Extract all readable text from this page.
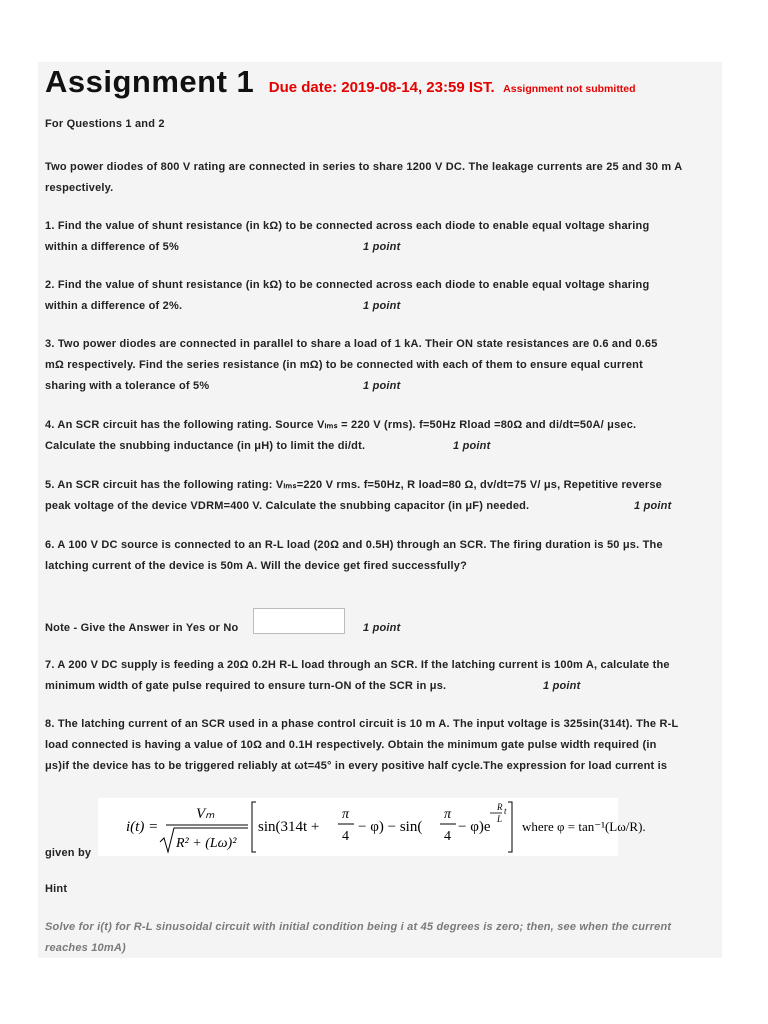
Assignment 1 Due date: 2019-08-14, 23:59 IST. Assignment not submitted
For Questions 1 and 2
Two power diodes of 800 V rating are connected in series to share 1200 V DC. The leakage currents are 25 and 30 m A respectively.
1. Find the value of shunt resistance (in kΩ) to be connected across each diode to enable equal voltage sharing
within a difference of 5%	1 point
2. Find the value of shunt resistance (in kΩ) to be connected across each diode to enable equal voltage sharing
within a difference of 2%.	1 point
3. Two power diodes are connected in parallel to share a load of 1 kA. Their ON state resistances are 0.6 and 0.65
mΩ respectively. Find the series resistance (in mΩ) to be connected with each of them to ensure equal current
sharing with a tolerance of 5%	1 point
4. An SCR circuit has the following rating. Source Vₗₘₛ = 220 V (rms). f=50Hz Rload =80Ω and di/dt=50A/ μsec.
Calculate the snubbing inductance (in μH) to limit the di/dt.	1 point
5. An SCR circuit has the following rating: Vₗₘₛ=220 V rms. f=50Hz, R load=80 Ω, dv/dt=75 V/ μs, Repetitive reverse
peak voltage of the device VDRM=400 V. Calculate the snubbing capacitor (in μF) needed.	1 point
6. A 100 V DC source is connected to an R-L load (20Ω and 0.5H) through an SCR. The firing duration is 50 μs. The
latching current of the device is 50m A. Will the device get fired successfully?
Note - Give the Answer in Yes or No	1 point
7. A 200 V DC supply is feeding a 20Ω 0.2H R-L load through an SCR. If the latching current is 100m A, calculate the
minimum width of gate pulse required to ensure turn-ON of the SCR in μs.	1 point
8. The latching current of an SCR used in a phase control circuit is 10 m A. The input voltage is 325sin(314t). The R-L
load connected is having a value of 10Ω and 0.1H respectively. Obtain the minimum gate pulse width required (in
μs)if the device has to be triggered reliably at ωt=45° in every positive half cycle.The expression for load current is
i(t) =
Vₘ
R² + (Lω)²
sin(314t +
π
4
− φ) − sin(
π
4
− φ)e
R
L
t
where φ = tan⁻¹(Lω/R).
given by
Hint
Solve for i(t) for R-L sinusoidal circuit with initial condition being i at 45 degrees is zero; then, see when the current
reaches 10mA)
